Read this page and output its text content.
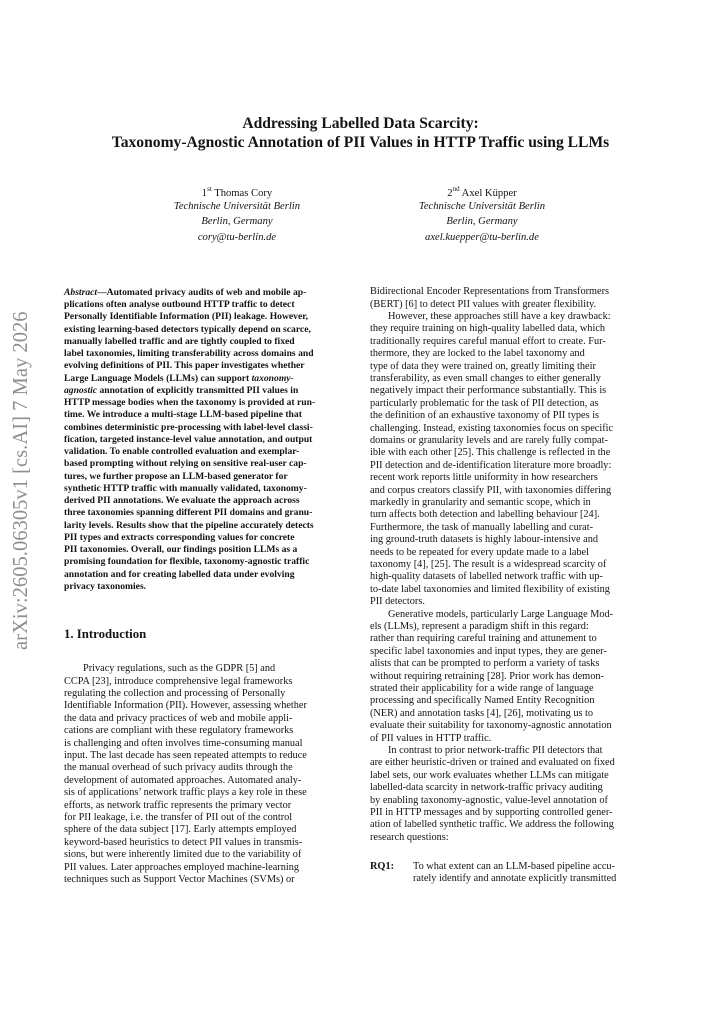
arXiv:2605.06305v1 [cs.AI] 7 May 2026
Addressing Labelled Data Scarcity:
Taxonomy-Agnostic Annotation of PII Values in HTTP Traffic using LLMs
1st Thomas Cory
Technische Universität Berlin
Berlin, Germany
cory@tu-berlin.de
2nd Axel Küpper
Technische Universität Berlin
Berlin, Germany
axel.kuepper@tu-berlin.de
Abstract—Automated privacy audits of web and mobile ap-
plications often analyse outbound HTTP traffic to detect
Personally Identifiable Information (PII) leakage. However,
existing learning-based detectors typically depend on scarce,
manually labelled traffic and are tightly coupled to fixed
label taxonomies, limiting transferability across domains and
evolving definitions of PII. This paper investigates whether
Large Language Models (LLMs) can support taxonomy-
agnostic annotation of explicitly transmitted PII values in
HTTP message bodies when the taxonomy is provided at run-
time. We introduce a multi-stage LLM-based pipeline that
combines deterministic pre-processing with label-level classi-
fication, targeted instance-level value annotation, and output
validation. To enable controlled evaluation and exemplar-
based prompting without relying on sensitive real-user cap-
tures, we further propose an LLM-based generator for
synthetic HTTP traffic with manually validated, taxonomy-
derived PII annotations. We evaluate the approach across
three taxonomies spanning different PII domains and granu-
larity levels. Results show that the pipeline accurately detects
PII types and extracts corresponding values for concrete
PII taxonomies. Overall, our findings position LLMs as a
promising foundation for flexible, taxonomy-agnostic traffic
annotation and for creating labelled data under evolving
privacy taxonomies.
1. Introduction
Privacy regulations, such as the GDPR [5] and
CCPA [23], introduce comprehensive legal frameworks
regulating the collection and processing of Personally
Identifiable Information (PII). However, assessing whether
the data and privacy practices of web and mobile appli-
cations are compliant with these regulatory frameworks
is challenging and often involves time-consuming manual
input. The last decade has seen repeated attempts to reduce
the manual overhead of such privacy audits through the
development of automated approaches. Automated analy-
sis of applications’ network traffic plays a key role in these
efforts, as network traffic represents the primary vector
for PII leakage, i.e. the transfer of PII out of the control
sphere of the data subject [17]. Early attempts employed
keyword-based heuristics to detect PII values in transmis-
sions, but were inherently limited due to the variability of
PII values. Later approaches employed machine-learning
techniques such as Support Vector Machines (SVMs) or
Bidirectional Encoder Representations from Transformers
(BERT) [6] to detect PII values with greater flexibility.
However, these approaches still have a key drawback:
they require training on high-quality labelled data, which
traditionally requires careful manual effort to create. Fur-
thermore, they are locked to the label taxonomy and
type of data they were trained on, greatly limiting their
transferability, as even small changes to either generally
negatively impact their performance substantially. This is
particularly problematic for the task of PII detection, as
the definition of an exhaustive taxonomy of PII types is
challenging. Instead, existing taxonomies focus on specific
domains or granularity levels and are rarely fully compat-
ible with each other [25]. This challenge is reflected in the
PII detection and de-identification literature more broadly:
recent work reports little uniformity in how researchers
and corpus creators classify PII, with taxonomies differing
markedly in granularity and semantic scope, which in
turn affects both detection and labelling behaviour [24].
Furthermore, the task of manually labelling and curat-
ing ground-truth datasets is highly labour-intensive and
needs to be repeated for every update made to a label
taxonomy [4], [25]. The result is a widespread scarcity of
high-quality datasets of labelled network traffic with up-
to-date label taxonomies and limited flexibility of existing
PII detectors.
Generative models, particularly Large Language Mod-
els (LLMs), represent a paradigm shift in this regard:
rather than requiring careful training and attunement to
specific label taxonomies and input types, they are gener-
alists that can be prompted to perform a variety of tasks
without requiring retraining [28]. Prior work has demon-
strated their applicability for a wide range of language
processing and specifically Named Entity Recognition
(NER) and annotation tasks [4], [26], motivating us to
evaluate their suitability for taxonomy-agnostic annotation
of PII values in HTTP traffic.
In contrast to prior network-traffic PII detectors that
are either heuristic-driven or trained and evaluated on fixed
label sets, our work evaluates whether LLMs can mitigate
labelled-data scarcity in network-traffic privacy auditing
by enabling taxonomy-agnostic, value-level annotation of
PII in HTTP messages and by supporting controlled gener-
ation of labelled synthetic traffic. We address the following
research questions:
RQ1: To what extent can an LLM-based pipeline accu-
rately identify and annotate explicitly transmitted
